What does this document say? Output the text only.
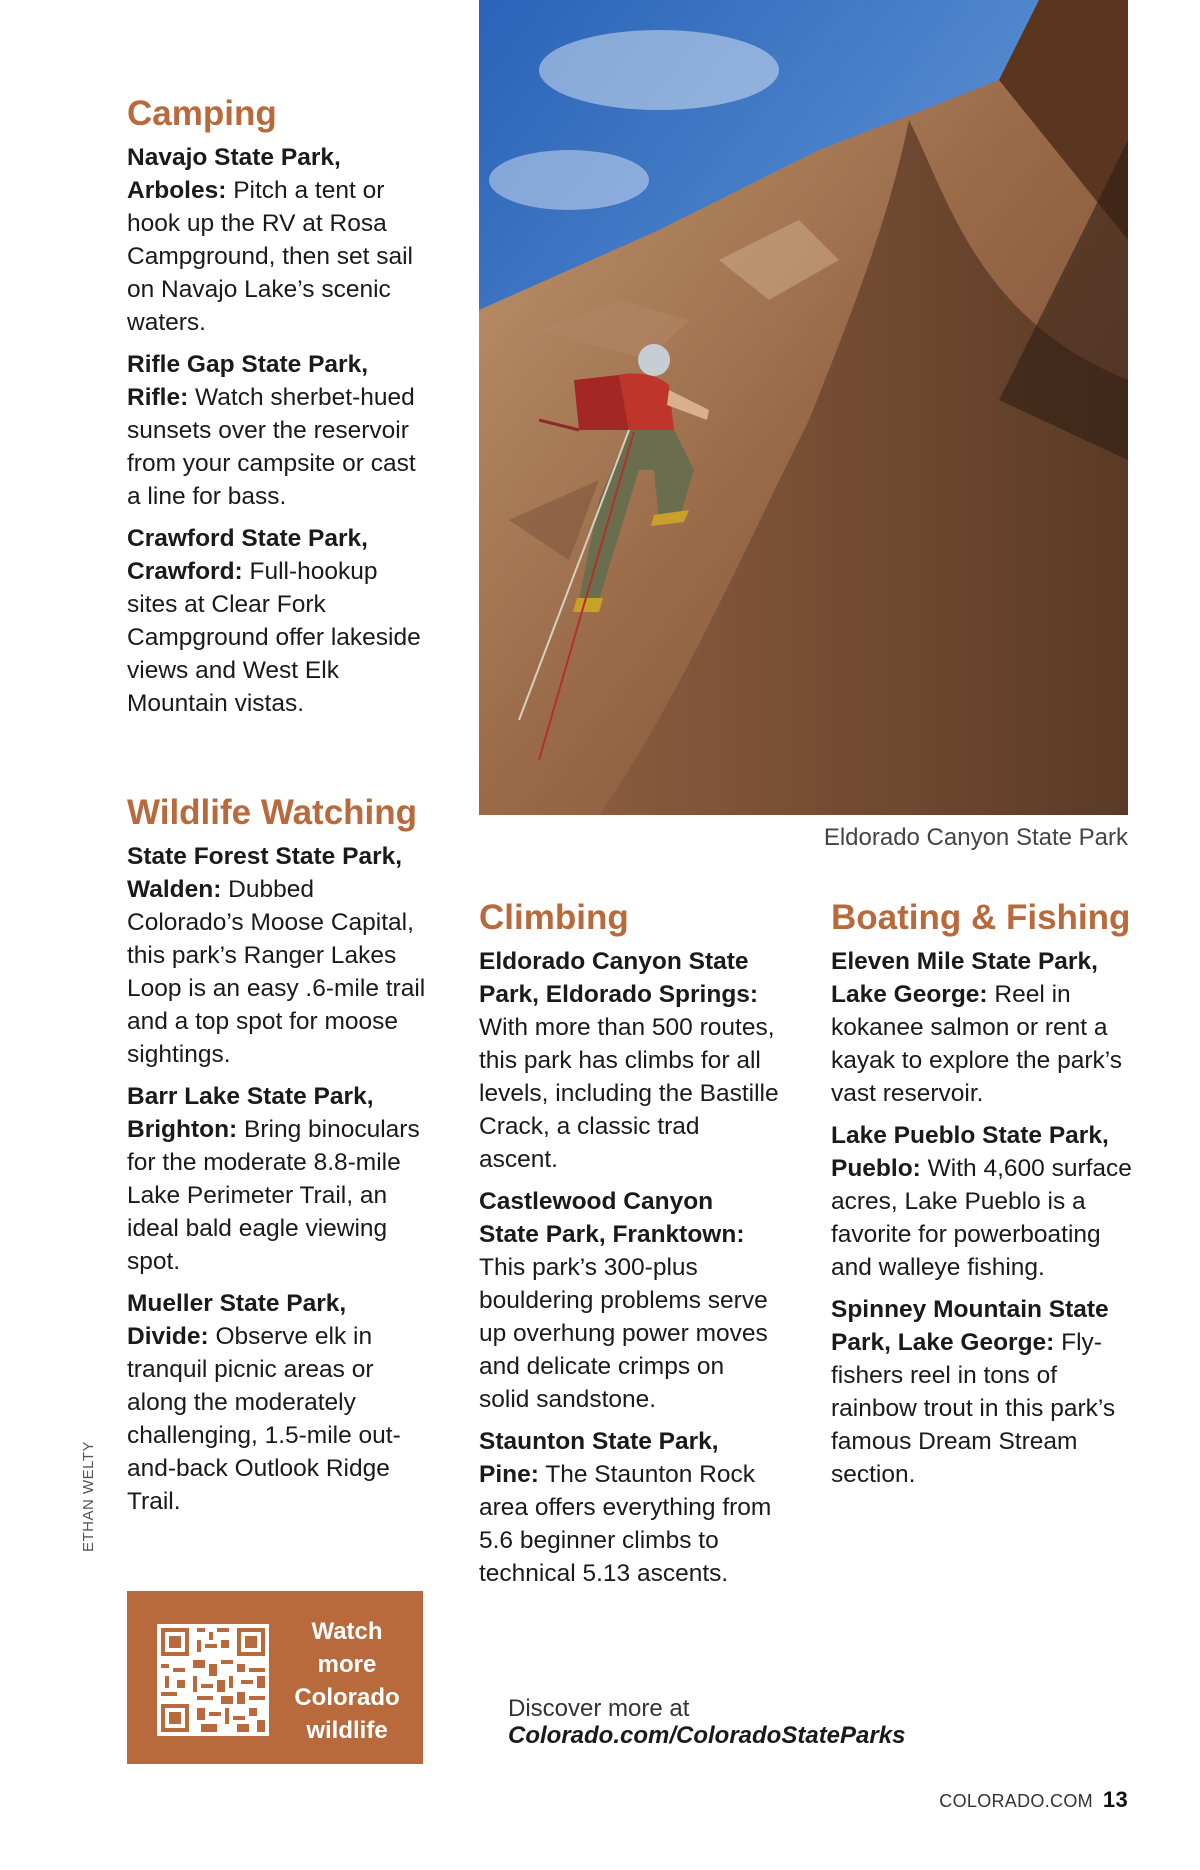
Eldorado Canyon State Park
ETHAN WELTY
Camping

Navajo State Park, Arboles: Pitch a tent or hook up the RV at Rosa Campground, then set sail on Navajo Lake’s scenic waters.

Rifle Gap State Park, Rifle: Watch sherbet-hued sunsets over the reservoir from your campsite or cast a line for bass.

Crawford State Park, Crawford: Full-hookup sites at Clear Fork Campground offer lakeside views and West Elk Mountain vistas.

Wildlife Watching

State Forest State Park, Walden: Dubbed Colorado’s Moose Capital, this park’s Ranger Lakes Loop is an easy .6-mile trail and a top spot for moose sightings.

Barr Lake State Park, Brighton: Bring binoculars for the moderate 8.8-mile Lake Perimeter Trail, an ideal bald eagle viewing spot.

Mueller State Park, Divide: Observe elk in tranquil picnic areas or along the moderately challenging, 1.5-mile out-and-back Outlook Ridge Trail.

Climbing

Eldorado Canyon State Park, Eldorado Springs: With more than 500 routes, this park has climbs for all levels, including the Bastille Crack, a classic trad ascent.

Castlewood Canyon State Park, Franktown: This park’s 300-plus bouldering problems serve up overhung power moves and delicate crimps on solid sandstone.

Staunton State Park, Pine: The Staunton Rock area offers everything from 5.6 beginner climbs to technical 5.13 ascents.

Boating & Fishing

Eleven Mile State Park, Lake George: Reel in kokanee salmon or rent a kayak to explore the park’s vast reservoir.

Lake Pueblo State Park, Pueblo: With 4,600 surface acres, Lake Pueblo is a favorite for powerboating and walleye fishing.

Spinney Mountain State Park, Lake George: Fly-fishers reel in tons of rainbow trout in this park’s famous Dream Stream section.

Watch
more
Colorado
wildlife
Discover more at
Colorado.com/ColoradoStateParks
COLORADO.COM 13
